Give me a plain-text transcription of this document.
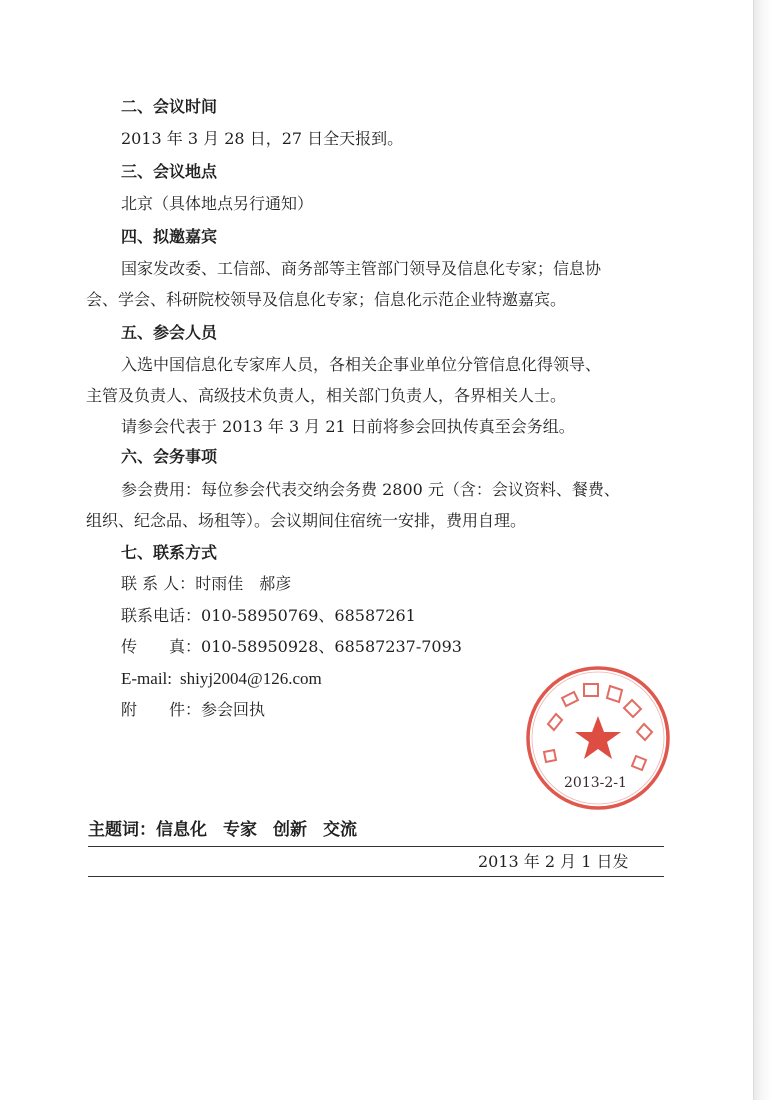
二、会议时间
2013 年 3 月 28 日，27 日全天报到。
三、会议地点
北京（具体地点另行通知）
四、拟邀嘉宾
国家发改委、工信部、商务部等主管部门领导及信息化专家；信息协
会、学会、科研院校领导及信息化专家；信息化示范企业特邀嘉宾。
五、参会人员
入选中国信息化专家库人员，各相关企事业单位分管信息化得领导、
主管及负责人、高级技术负责人，相关部门负责人，各界相关人士。
请参会代表于 2013 年 3 月 21 日前将参会回执传真至会务组。
六、会务事项
参会费用：每位参会代表交纳会务费 2800 元（含：会议资料、餐费、
组织、纪念品、场租等）。会议期间住宿统一安排，费用自理。
七、联系方式
联 系 人：时雨佳　郝彦
联系电话：010-58950769、68587261
传　　真：010-58950928、68587237-7093
E-mail: shiyj2004@126.com
附　　件：参会回执
2013-2-1
主题词：信息化 专家 创新 交流
2013 年 2 月 1 日发
